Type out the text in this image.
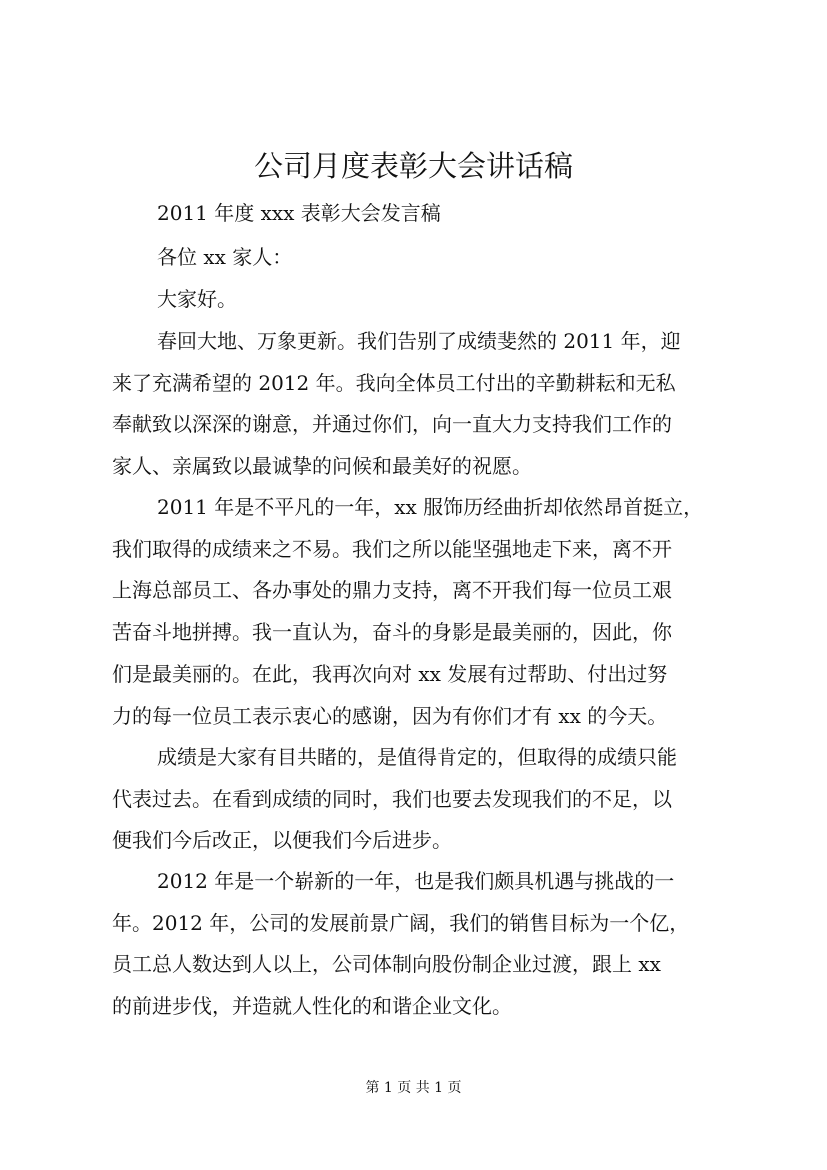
公司月度表彰大会讲话稿
2011 年度 xxx 表彰大会发言稿
各位 xx 家人：
大家好。
春回大地、万象更新。我们告别了成绩斐然的 2011 年，迎
来了充满希望的 2012 年。我向全体员工付出的辛勤耕耘和无私
奉献致以深深的谢意，并通过你们，向一直大力支持我们工作的
家人、亲属致以最诚挚的问候和最美好的祝愿。
2011 年是不平凡的一年，xx 服饰历经曲折却依然昂首挺立，
我们取得的成绩来之不易。我们之所以能坚强地走下来，离不开
上海总部员工、各办事处的鼎力支持，离不开我们每一位员工艰
苦奋斗地拼搏。我一直认为，奋斗的身影是最美丽的，因此，你
们是最美丽的。在此，我再次向对 xx 发展有过帮助、付出过努
力的每一位员工表示衷心的感谢，因为有你们才有 xx 的今天。
成绩是大家有目共睹的，是值得肯定的，但取得的成绩只能
代表过去。在看到成绩的同时，我们也要去发现我们的不足，以
便我们今后改正，以便我们今后进步。
2012 年是一个崭新的一年，也是我们颇具机遇与挑战的一
年。2012 年，公司的发展前景广阔，我们的销售目标为一个亿，
员工总人数达到人以上，公司体制向股份制企业过渡，跟上 xx
的前进步伐，并造就人性化的和谐企业文化。
第 1 页 共 1 页
